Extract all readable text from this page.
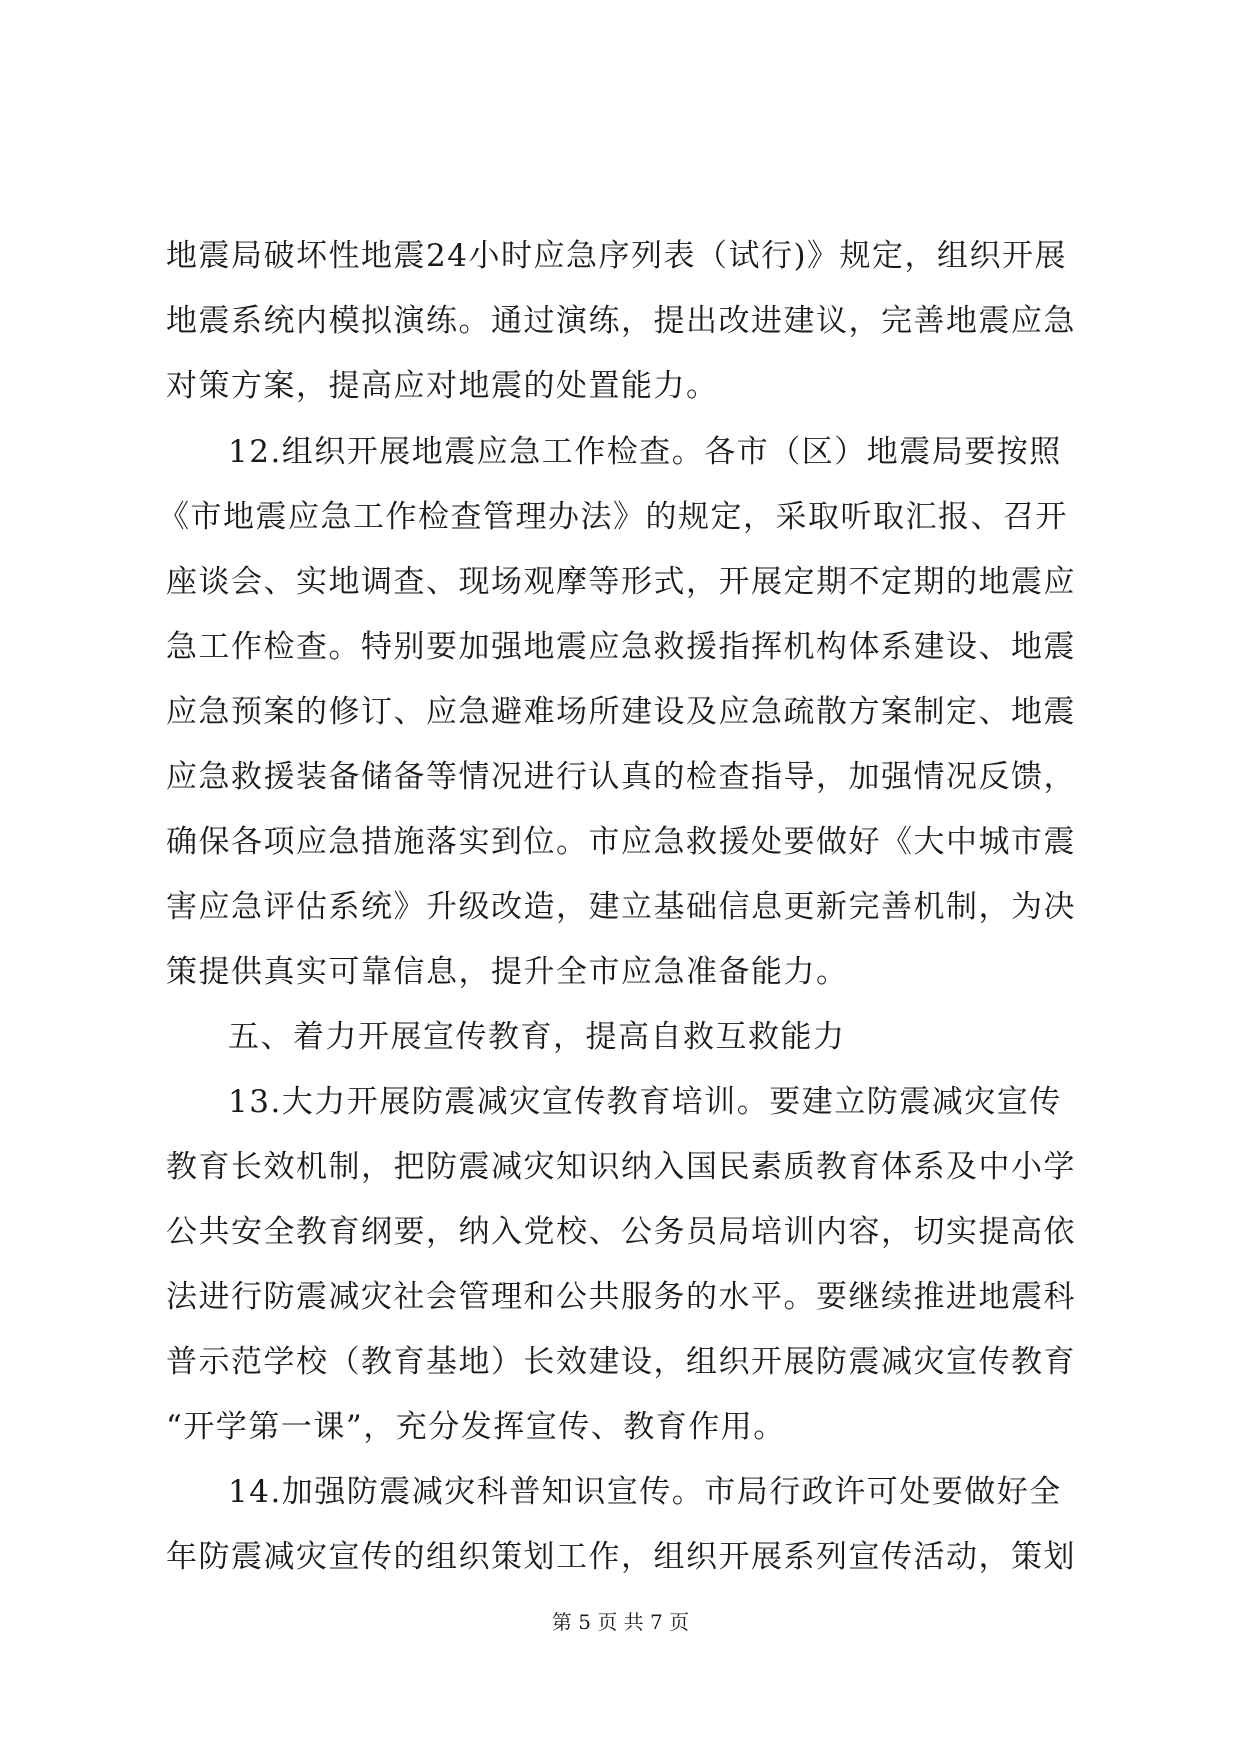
地震局破坏性地震24小时应急序列表（试行)》规定，组织开展
地震系统内模拟演练。通过演练，提出改进建议，完善地震应急
对策方案，提高应对地震的处置能力。
12.组织开展地震应急工作检查。各市（区）地震局要按照
《市地震应急工作检查管理办法》的规定，采取听取汇报、召开
座谈会、实地调查、现场观摩等形式，开展定期不定期的地震应
急工作检查。特别要加强地震应急救援指挥机构体系建设、地震
应急预案的修订、应急避难场所建设及应急疏散方案制定、地震
应急救援装备储备等情况进行认真的检查指导，加强情况反馈，
确保各项应急措施落实到位。市应急救援处要做好《大中城市震
害应急评估系统》升级改造，建立基础信息更新完善机制，为决
策提供真实可靠信息，提升全市应急准备能力。
五、着力开展宣传教育，提高自救互救能力
13.大力开展防震减灾宣传教育培训。要建立防震减灾宣传
教育长效机制，把防震减灾知识纳入国民素质教育体系及中小学
公共安全教育纲要，纳入党校、公务员局培训内容，切实提高依
法进行防震减灾社会管理和公共服务的水平。要继续推进地震科
普示范学校（教育基地）长效建设，组织开展防震减灾宣传教育
“开学第一课”，充分发挥宣传、教育作用。
14.加强防震减灾科普知识宣传。市局行政许可处要做好全
年防震减灾宣传的组织策划工作，组织开展系列宣传活动，策划
第 5 页 共 7 页
